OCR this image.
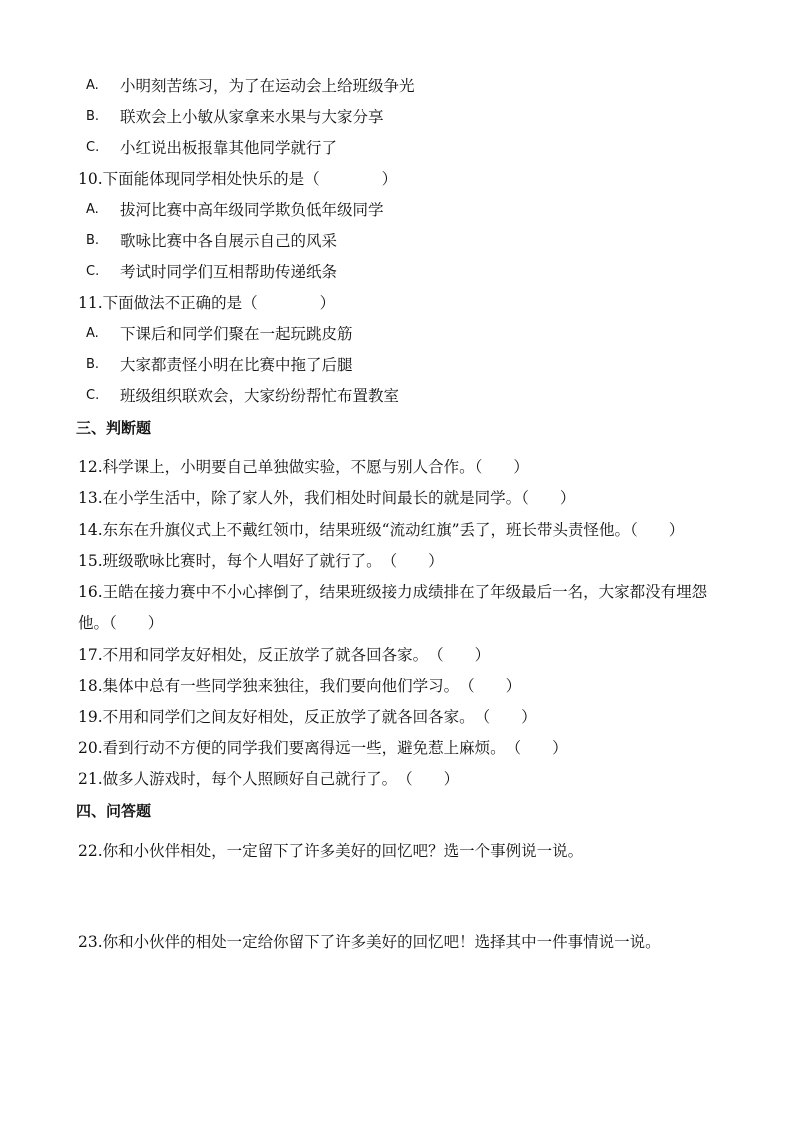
A. 小明刻苦练习，为了在运动会上给班级争光
B. 联欢会上小敏从家拿来水果与大家分享
C. 小红说出板报靠其他同学就行了
10.下面能体现同学相处快乐的是（　　　　）
A. 拔河比赛中高年级同学欺负低年级同学
B. 歌咏比赛中各自展示自己的风采
C. 考试时同学们互相帮助传递纸条
11.下面做法不正确的是（　　　　）
A. 下课后和同学们聚在一起玩跳皮筋
B. 大家都责怪小明在比赛中拖了后腿
C. 班级组织联欢会，大家纷纷帮忙布置教室
三、判断题
12.科学课上，小明要自己单独做实验，不愿与别人合作。（　　）
13.在小学生活中，除了家人外，我们相处时间最长的就是同学。（　　）
14.东东在升旗仪式上不戴红领巾，结果班级“流动红旗”丢了，班长带头责怪他。（　　）
15.班级歌咏比赛时，每个人唱好了就行了。　（　　）
16.王皓在接力赛中不小心摔倒了，结果班级接力成绩排在了年级最后一名，大家都没有埋怨
他。（　　）
17.不用和同学友好相处，反正放学了就各回各家。　（　　）
18.集体中总有一些同学独来独往，我们要向他们学习。　（　　）
19.不用和同学们之间友好相处，反正放学了就各回各家。　（　　）
20.看到行动不方便的同学我们要离得远一些，避免惹上麻烦。　（　　）
21.做多人游戏时，每个人照顾好自己就行了。　（　　）
四、问答题
22.你和小伙伴相处，一定留下了许多美好的回忆吧？选一个事例说一说。
23.你和小伙伴的相处一定给你留下了许多美好的回忆吧！选择其中一件事情说一说。
